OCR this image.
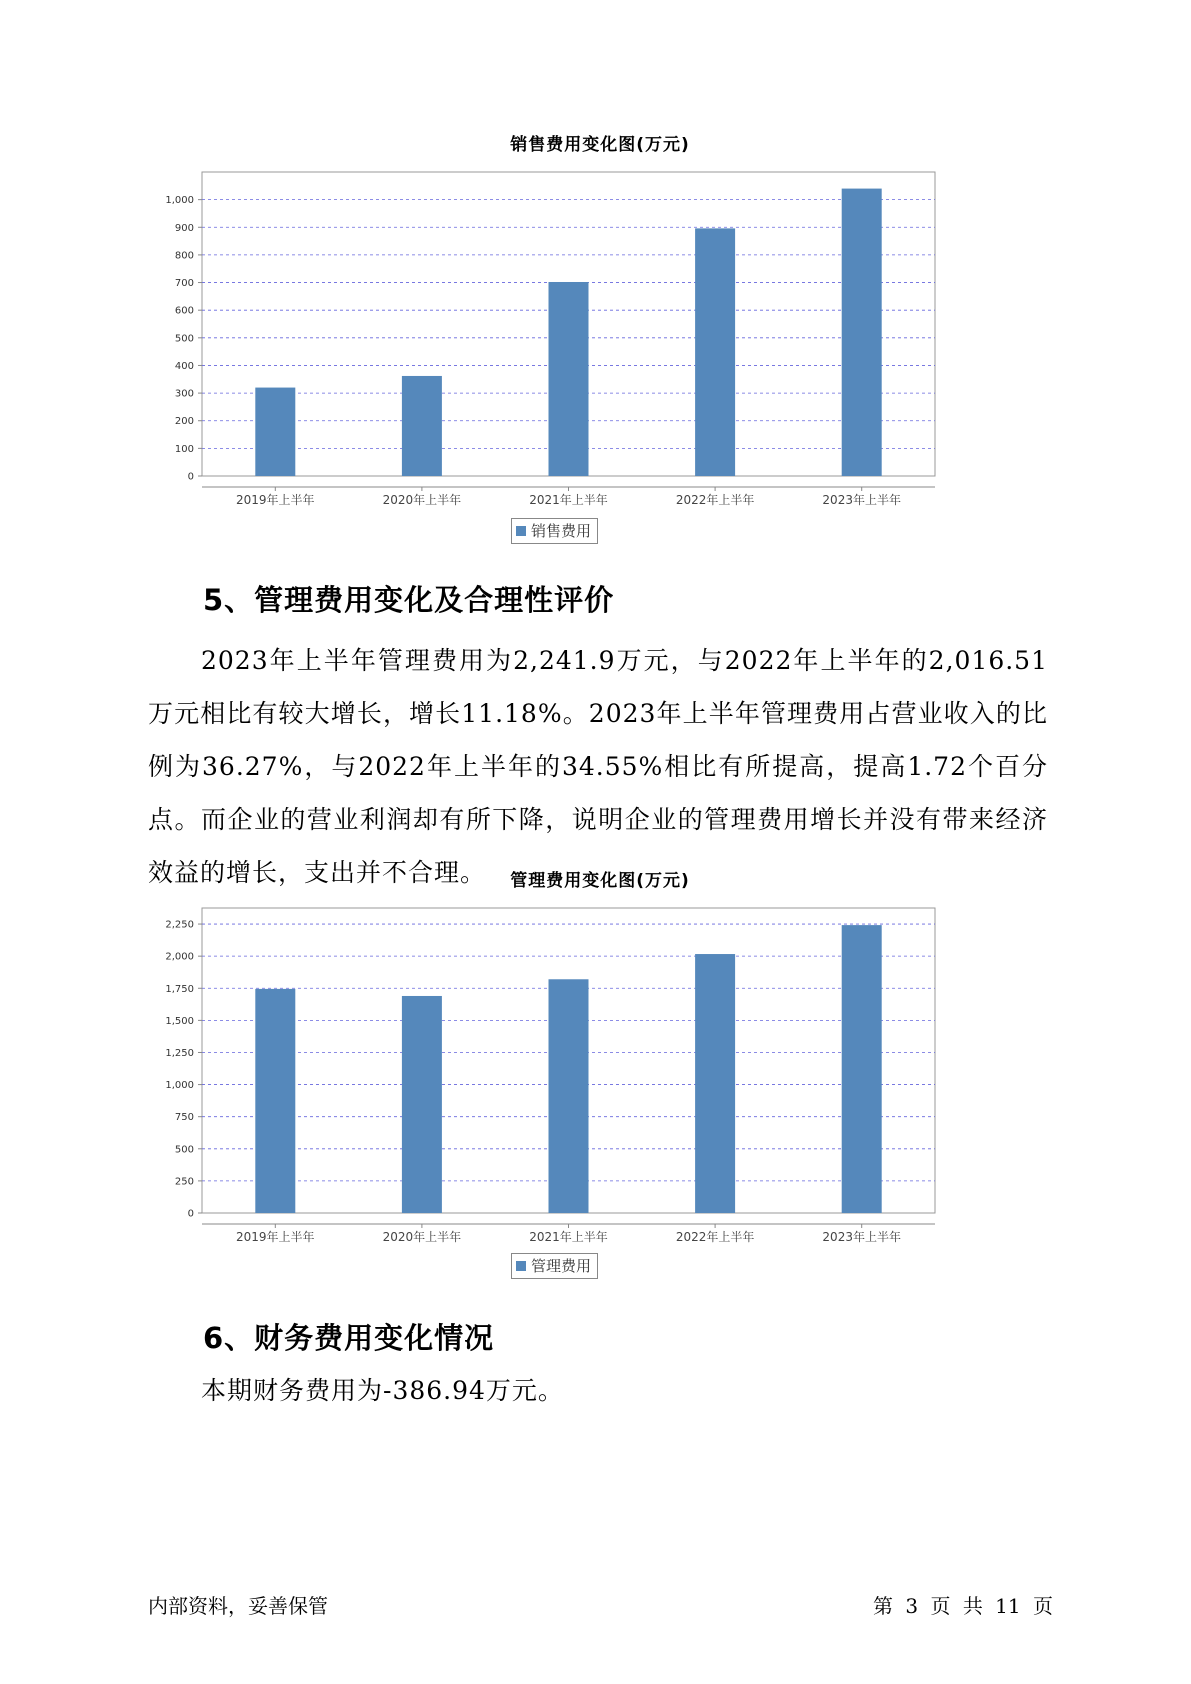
销售费用变化图(万元)
0
100
200
300
400
500
600
700
800
900
1,000
2019年上半年	2020年上半年	2021年上半年	2022年上半年	2023年上半年
销售费用
5、管理费用变化及合理性评价
2023年上半年管理费用为2,241.9万元，与2022年上半年的2,016.51万元相比有较大增长，增长11.18%。2023年上半年管理费用占营业收入的比例为36.27%，与2022年上半年的34.55%相比有所提高，提高1.72个百分点。而企业的营业利润却有所下降，说明企业的管理费用增长并没有带来经济效益的增长，支出并不合理。	管理费用变化图(万元)
0
250
500
750
1,000
1,250
1,500
1,750
2,000
2,250
2019年上半年	2020年上半年	2021年上半年	2022年上半年	2023年上半年
管理费用
6、财务费用变化情况
本期财务费用为-386.94万元。
内部资料，妥善保管	第 3 页 共 11 页
